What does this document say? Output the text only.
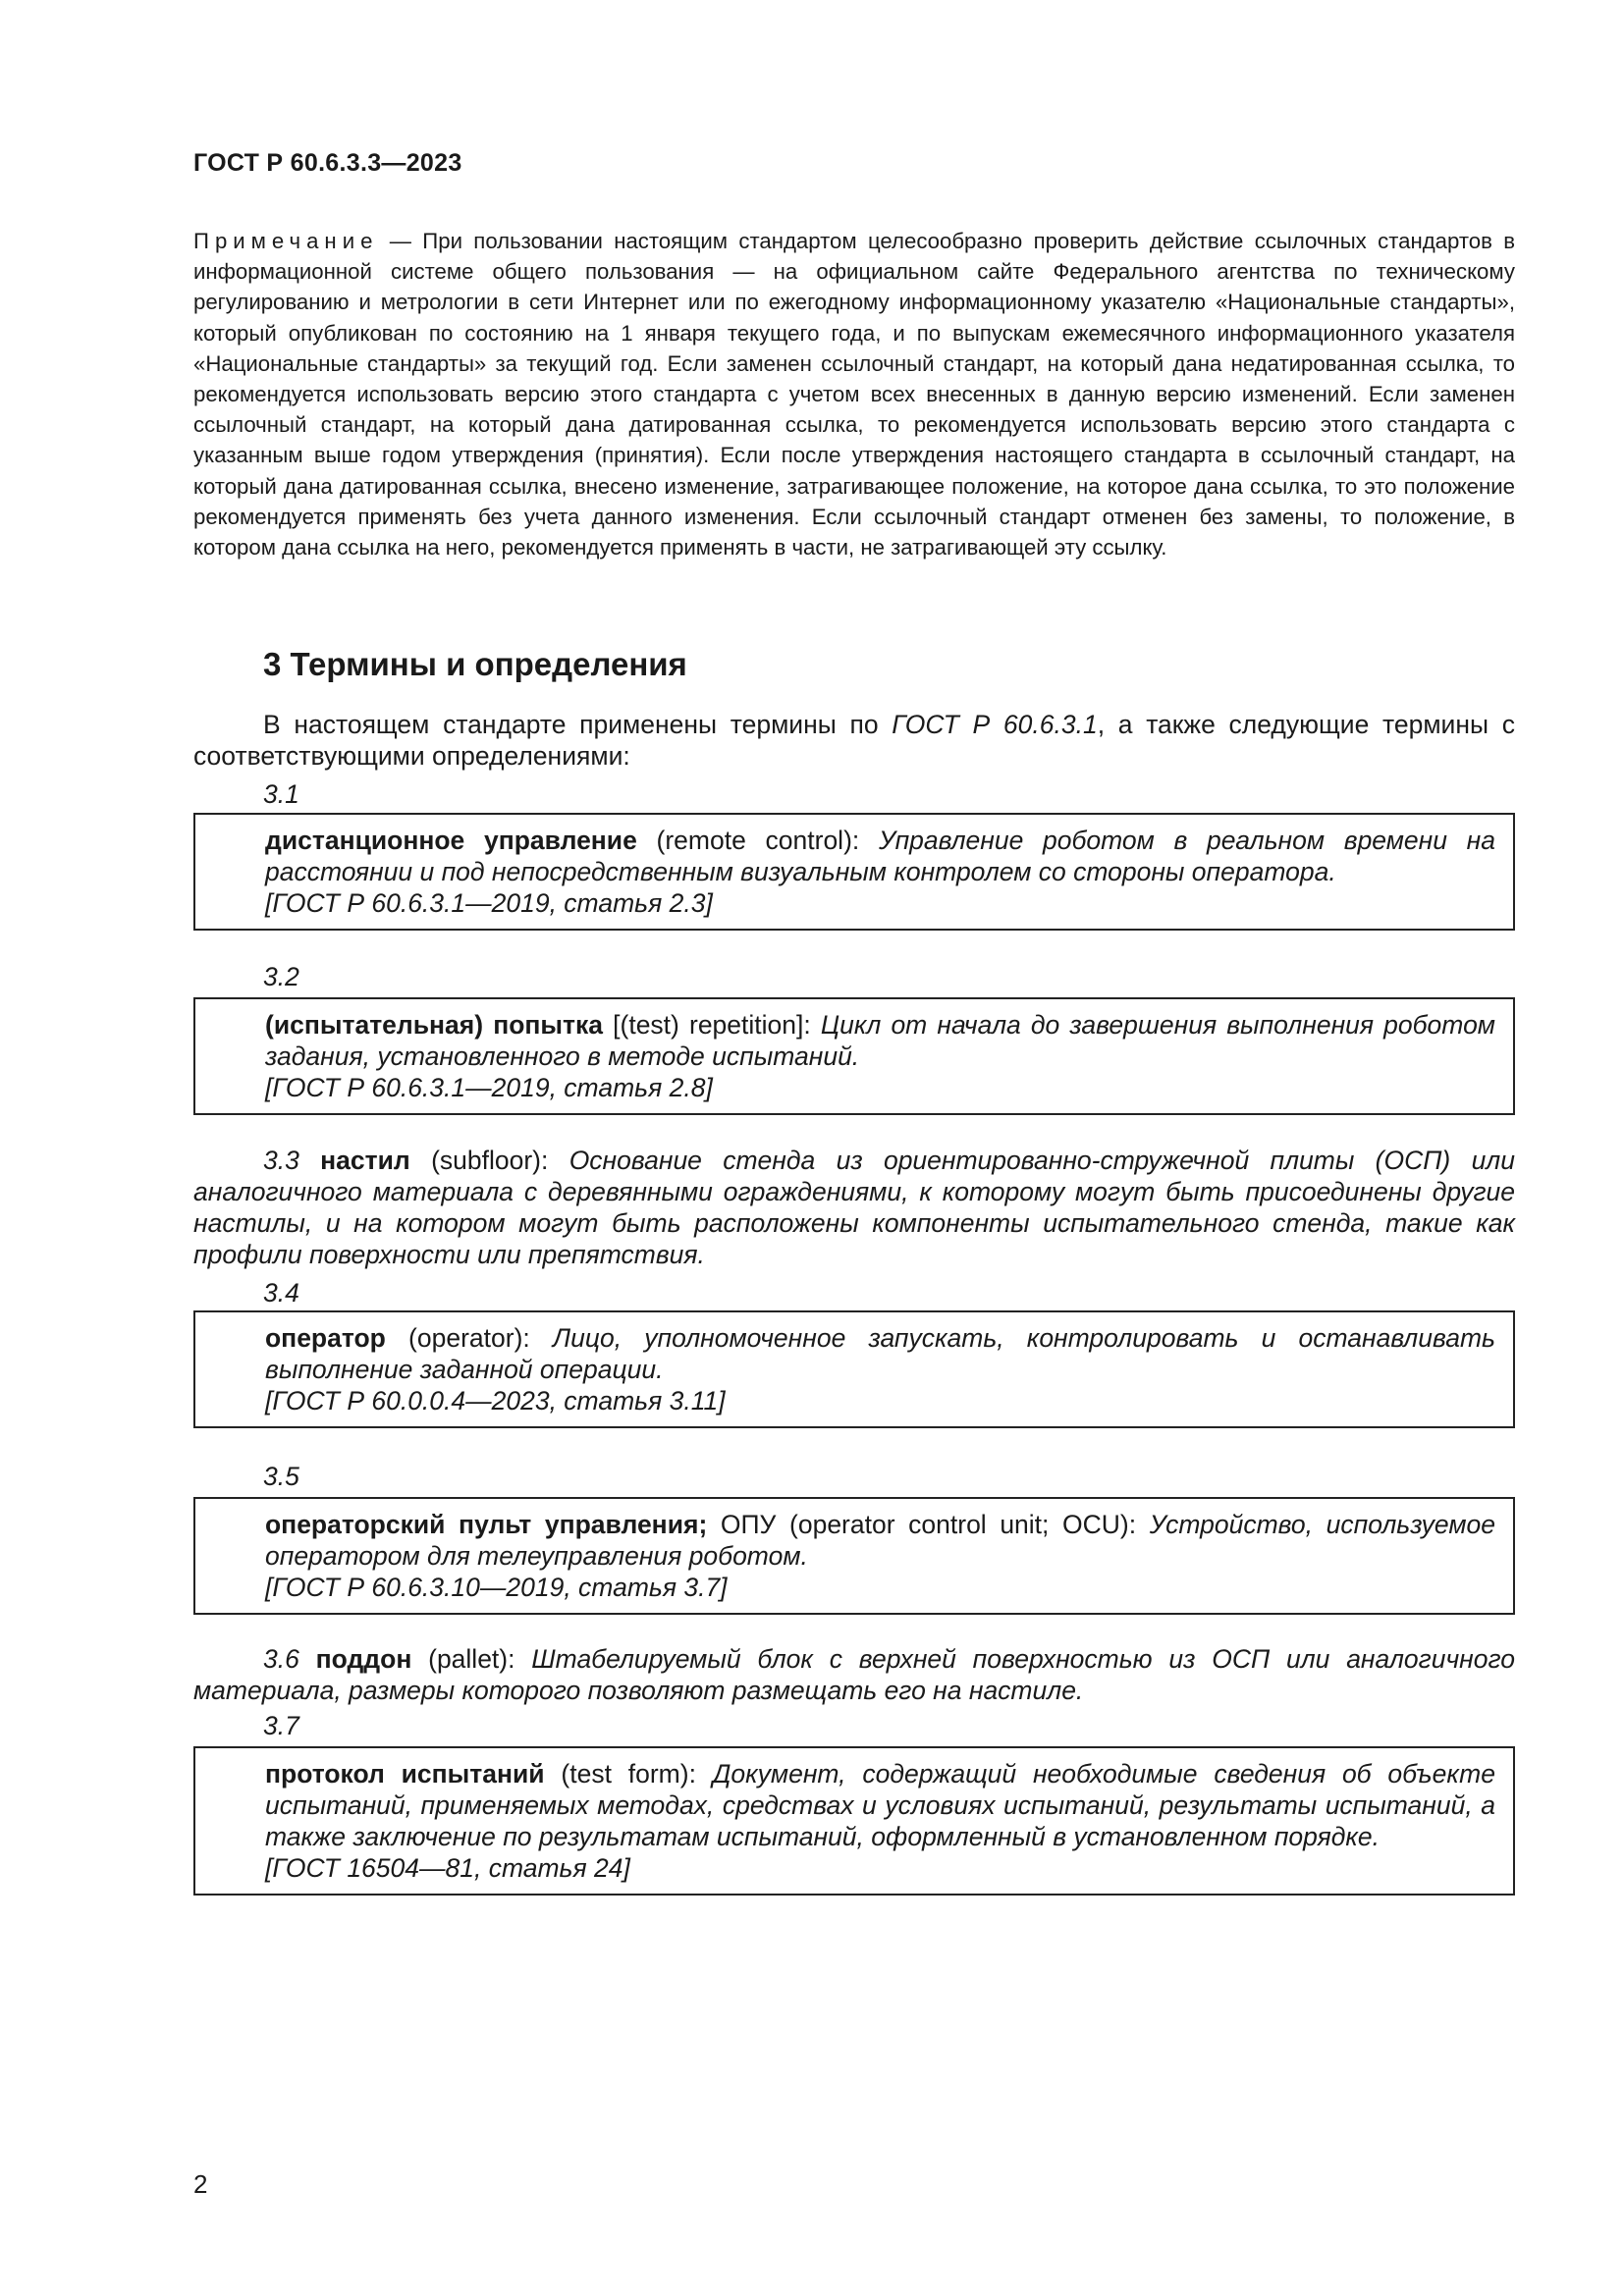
ГОСТ Р 60.6.3.3—2023
Примечание — При пользовании настоящим стандартом целесообразно проверить действие ссылочных стандартов в информационной системе общего пользования — на официальном сайте Федерального агентства по техническому регулированию и метрологии в сети Интернет или по ежегодному информационному указателю «Национальные стандарты», который опубликован по состоянию на 1 января текущего года, и по выпускам ежемесячного информационного указателя «Национальные стандарты» за текущий год. Если заменен ссылочный стандарт, на который дана недатированная ссылка, то рекомендуется использовать версию этого стандарта с учетом всех внесенных в данную версию изменений. Если заменен ссылочный стандарт, на который дана датированная ссылка, то рекомендуется использовать версию этого стандарта с указанным выше годом утверждения (принятия). Если после утверждения настоящего стандарта в ссылочный стандарт, на который дана датированная ссылка, внесено изменение, затрагивающее положение, на которое дана ссылка, то это положение рекомендуется применять без учета данного изменения. Если ссылочный стандарт отменен без замены, то положение, в котором дана ссылка на него, рекомендуется применять в части, не затрагивающей эту ссылку.
3 Термины и определения
В настоящем стандарте применены термины по ГОСТ Р 60.6.3.1, а также следующие термины с соответствующими определениями:
3.1
дистанционное управление (remote control): Управление роботом в реальном времени на расстоянии и под непосредственным визуальным контролем со стороны оператора.
[ГОСТ Р 60.6.3.1—2019, статья 2.3]
3.2
(испытательная) попытка [(test) repetition]: Цикл от начала до завершения выполнения роботом задания, установленного в методе испытаний.
[ГОСТ Р 60.6.3.1—2019, статья 2.8]
3.3 настил (subfloor): Основание стенда из ориентированно-стружечной плиты (ОСП) или аналогичного материала с деревянными ограждениями, к которому могут быть присоединены другие настилы, и на котором могут быть расположены компоненты испытательного стенда, такие как профили поверхности или препятствия.
3.4
оператор (operator): Лицо, уполномоченное запускать, контролировать и останавливать выполнение заданной операции.
[ГОСТ Р 60.0.0.4—2023, статья 3.11]
3.5
операторский пульт управления; ОПУ (operator control unit; OCU): Устройство, используемое оператором для телеуправления роботом.
[ГОСТ Р 60.6.3.10—2019, статья 3.7]
3.6 поддон (pallet): Штабелируемый блок с верхней поверхностью из ОСП или аналогичного материала, размеры которого позволяют размещать его на настиле.
3.7
протокол испытаний (test form): Документ, содержащий необходимые сведения об объекте испытаний, применяемых методах, средствах и условиях испытаний, результаты испытаний, а также заключение по результатам испытаний, оформленный в установленном порядке.
[ГОСТ 16504—81, статья 24]
2
